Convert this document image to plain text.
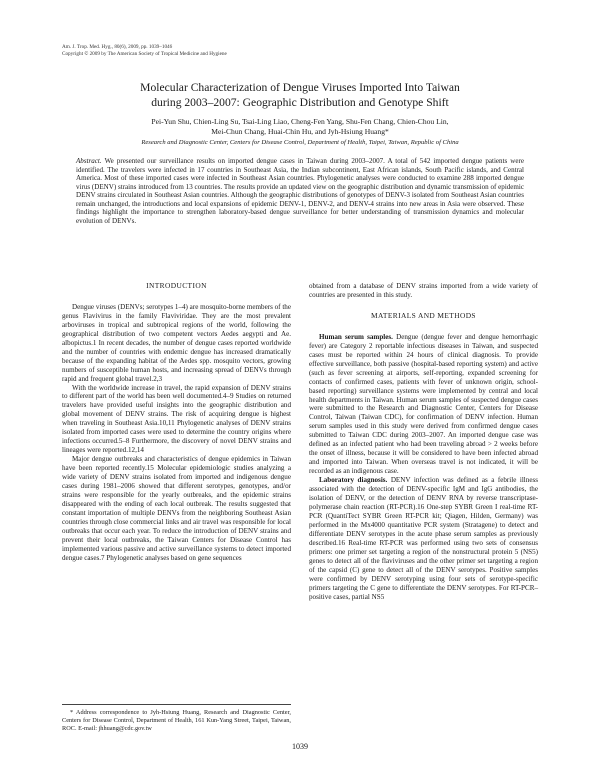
Am. J. Trop. Med. Hyg., 80(6), 2009, pp. 1039–1046
Copyright © 2009 by The American Society of Tropical Medicine and Hygiene
Molecular Characterization of Dengue Viruses Imported Into Taiwan
during 2003–2007: Geographic Distribution and Genotype Shift
Pei-Yun Shu, Chien-Ling Su, Tsai-Ling Liao, Cheng-Fen Yang, Shu-Fen Chang, Chien-Chou Lin,
Mei-Chun Chang, Huai-Chin Hu, and Jyh-Hsiung Huang*
Research and Diagnostic Center, Centers for Disease Control, Department of Health, Taipei, Taiwan, Republic of China
Abstract. We presented our surveillance results on imported dengue cases in Taiwan during 2003–2007. A total of 542 imported dengue patients were identified. The travelers were infected in 17 countries in Southeast Asia, the Indian subcontinent, East African islands, South Pacific islands, and Central America. Most of these imported cases were infected in Southeast Asian countries. Phylogenetic analyses were conducted to examine 288 imported dengue virus (DENV) strains introduced from 13 countries. The results provide an updated view on the geographic distribution and dynamic transmission of epidemic DENV strains circulated in Southeast Asian countries. Although the geographic distributions of genotypes of DENV-3 isolated from Southeast Asian countries remain unchanged, the introductions and local expansions of epidemic DENV-1, DENV-2, and DENV-4 strains into new areas in Asia were observed. These findings highlight the importance to strengthen laboratory-based dengue surveillance for better understanding of transmission dynamics and molecular evolution of DENVs.
INTRODUCTION

Dengue viruses (DENVs; serotypes 1–4) are mosquito-borne members of the genus Flavivirus in the family Flaviviridae. They are the most prevalent arboviruses in tropical and subtropical regions of the world, following the geographical distribution of two competent vectors Aedes aegypti and Ae. albopictus.1 In recent decades, the number of dengue cases reported worldwide and the number of countries with endemic dengue has increased dramatically because of the expanding habitat of the Aedes spp. mosquito vectors, growing numbers of susceptible human hosts, and increasing spread of DENVs through rapid and frequent global travel.2,3

With the worldwide increase in travel, the rapid expansion of DENV strains to different part of the world has been well documented.4–9 Studies on returned travelers have provided useful insights into the geographic distribution and global movement of DENV strains. The risk of acquiring dengue is highest when traveling in Southeast Asia.10,11 Phylogenetic analyses of DENV strains isolated from imported cases were used to determine the country origins where infections occurred.5–8 Furthermore, the discovery of novel DENV strains and lineages were reported.12,14

Major dengue outbreaks and characteristics of dengue epidemics in Taiwan have been reported recently.15 Molecular epidemiologic studies analyzing a wide variety of DENV strains isolated from imported and indigenous dengue cases during 1981–2006 showed that different serotypes, genotypes, and/or strains were responsible for the yearly outbreaks, and the epidemic strains disappeared with the ending of each local outbreak. The results suggested that constant importation of multiple DENVs from the neighboring Southeast Asian countries through close commercial links and air travel was responsible for local outbreaks that occur each year. To reduce the introduction of DENV strains and prevent their local outbreaks, the Taiwan Centers for Disease Control has implemented various passive and active surveillance systems to detect imported dengue cases.7 Phylogenetic analyses based on gene sequences

* Address correspondence to Jyh-Hsiung Huang, Research and Diagnostic Center, Centers for Disease Control, Department of Health, 161 Kun-Yang Street, Taipei, Taiwan, ROC. E-mail: jhhuang@cdc.gov.tw

obtained from a database of DENV strains imported from a wide variety of countries are presented in this study.

MATERIALS AND METHODS

Human serum samples. Dengue (dengue fever and dengue hemorrhagic fever) are Category 2 reportable infectious diseases in Taiwan, and suspected cases must be reported within 24 hours of clinical diagnosis. To provide effective surveillance, both passive (hospital-based reporting system) and active (such as fever screening at airports, self-reporting, expanded screening for contacts of confirmed cases, patients with fever of unknown origin, school-based reporting) surveillance systems were implemented by central and local health departments in Taiwan. Human serum samples of suspected dengue cases were submitted to the Research and Diagnostic Center, Centers for Disease Control, Taiwan (Taiwan CDC), for confirmation of DENV infection. Human serum samples used in this study were derived from confirmed dengue cases submitted to Taiwan CDC during 2003–2007. An imported dengue case was defined as an infected patient who had been traveling abroad > 2 weeks before the onset of illness, because it will be considered to have been infected abroad and imported into Taiwan. When overseas travel is not indicated, it will be recorded as an indigenous case.

Laboratory diagnosis. DENV infection was defined as a febrile illness associated with the detection of DENV-specific IgM and IgG antibodies, the isolation of DENV, or the detection of DENV RNA by reverse transcriptase-polymerase chain reaction (RT-PCR).16 One-step SYBR Green I real-time RT-PCR (QuantiTect SYBR Green RT-PCR kit; Qiagen, Hilden, Germany) was performed in the Mx4000 quantitative PCR system (Stratagene) to detect and differentiate DENV serotypes in the acute phase serum samples as previously described.16 Real-time RT-PCR was performed using two sets of consensus primers: one primer set targeting a region of the nonstructural protein 5 (NS5) genes to detect all of the flaviviruses and the other primer set targeting a region of the capsid (C) gene to detect all of the DENV serotypes. Positive samples were confirmed by DENV serotyping using four sets of serotype-specific primers targeting the C gene to differentiate the DENV serotypes. For RT-PCR–positive cases, partial NS5

1039
